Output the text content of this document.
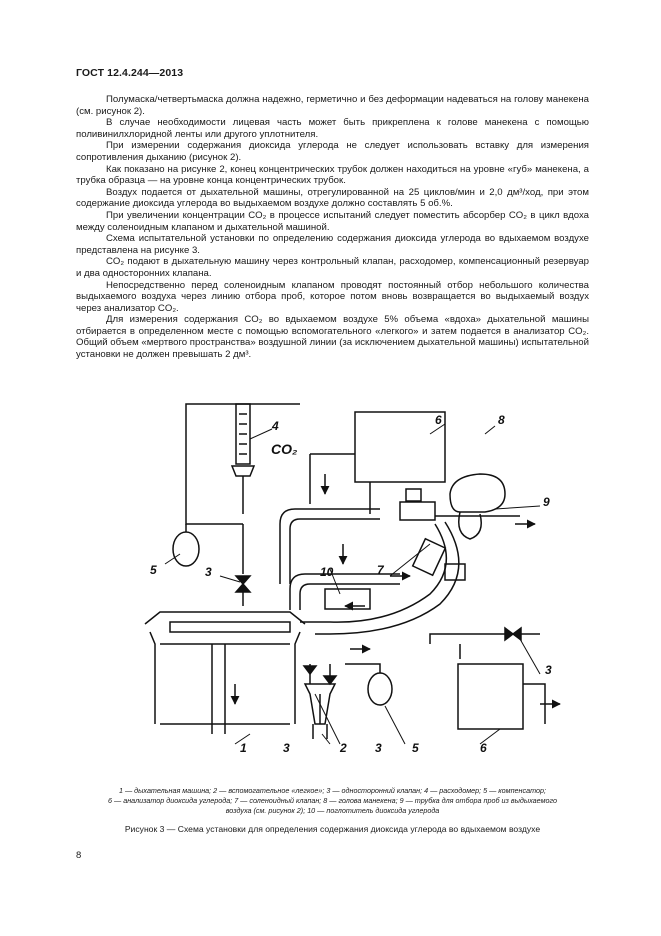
ГОСТ 12.4.244—2013

Полумаска/четвертьмаска должна надежно, герметично и без деформации надеваться на голову манекена (см. рисунок 2).

В случае необходимости лицевая часть может быть прикреплена к голове манекена с помощью поливинилхлоридной ленты или другого уплотнителя.

При измерении содержания диоксида углерода не следует использовать вставку для измерения сопротивления дыханию (рисунок 2).

Как показано на рисунке 2, конец концентрических трубок должен находиться на уровне «губ» манекена, а трубка образца — на уровне конца концентрических трубок.

Воздух подается от дыхательной машины, отрегулированной на 25 циклов/мин и 2,0 дм³/ход, при этом содержание диоксида углерода во выдыхаемом воздухе должно составлять 5 об.%.

При увеличении концентрации CO₂ в процессе испытаний следует поместить абсорбер CO₂ в цикл вдоха между соленоидным клапаном и дыхательной машиной.

Схема испытательной установки по определению содержания диоксида углерода во вдыхаемом воздухе представлена на рисунке 3.

CO₂ подают в дыхательную машину через контрольный клапан, расходомер, компенсационный резервуар и два односторонних клапана.

Непосредственно перед соленоидным клапаном проводят постоянный отбор небольшого количества выдыхаемого воздуха через линию отбора проб, которое потом вновь возвращается во выдыхаемый воздух через анализатор CO₂.

Для измерения содержания CO₂ во вдыхаемом воздухе 5% объема «вдоха» дыхательной машины отбирается в определенном месте с помощью вспомогательного «легкого» и затем подается в анализатор CO₂. Общий объем «мертвого пространства» воздушной линии (за исключением дыхательной машины) испытательной установки не должен превышать 2 дм³.

4
CO₂
5	3
6	8
9
7
10
1	3	2 3	5	6
3
1 — дыхательная машина; 2 — вспомогательное «легкое»; 3 — односторонний клапан; 4 — расходомер; 5 — компенсатор;
6 — анализатор диоксида углерода; 7 — соленоидный клапан; 8 — голова манекена; 9 — трубка для отбора проб из выдыхаемого
воздуха (см. рисунок 2); 10 — поглотитель диоксида углерода
Рисунок 3 — Схема установки для определения содержания диоксида углерода во вдыхаемом воздухе
8
